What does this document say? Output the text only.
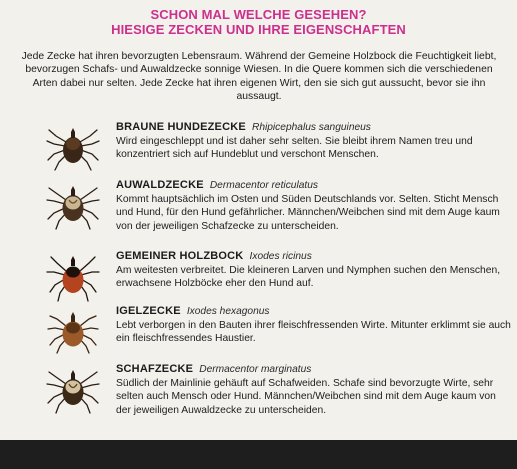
SCHON MAL WELCHE GESEHEN?
HIESIGE ZECKEN UND IHRE EIGENSCHAFTEN
Jede Zecke hat ihren bevorzugten Lebensraum. Während der Gemeine Holzbock die Feuchtigkeit liebt, bevorzugen Schafs- und Auwaldzecke sonnige Wiesen. In die Quere kommen sich die verschiedenen Arten dabei nur selten. Jede Zecke hat ihren eigenen Wirt, den sie sich gut aussucht, bevor sie ihn aussaugt.
BRAUNE HUNDEZECKE Rhipicephalus sanguineus
Wird eingeschleppt und ist daher sehr selten. Sie bleibt ihrem Namen treu und konzentriert sich auf Hundeblut und verschont Menschen.
AUWALDZECKE Dermacentor reticulatus
Kommt hauptsächlich im Osten und Süden Deutschlands vor. Selten. Sticht Mensch und Hund, für den Hund gefährlicher. Männchen/Weibchen sind mit dem Auge kaum von der jeweiligen Schafzecke zu unterscheiden.
GEMEINER HOLZBOCK Ixodes ricinus
Am weitesten verbreitet. Die kleineren Larven und Nymphen suchen den Menschen, erwachsene Holzböcke eher den Hund auf.
IGELZECKE Ixodes hexagonus
Lebt verborgen in den Bauten ihrer fleischfressenden Wirte. Mitunter erklimmt sie auch ein fleischfressendes Haustier.
SCHAFZECKE Dermacentor marginatus
Südlich der Mainlinie gehäuft auf Schafweiden. Schafe sind bevorzugte Wirte, sehr selten auch Mensch oder Hund. Männchen/Weibchen sind mit dem Auge kaum von der jeweiligen Auwaldzecke zu unterscheiden.
